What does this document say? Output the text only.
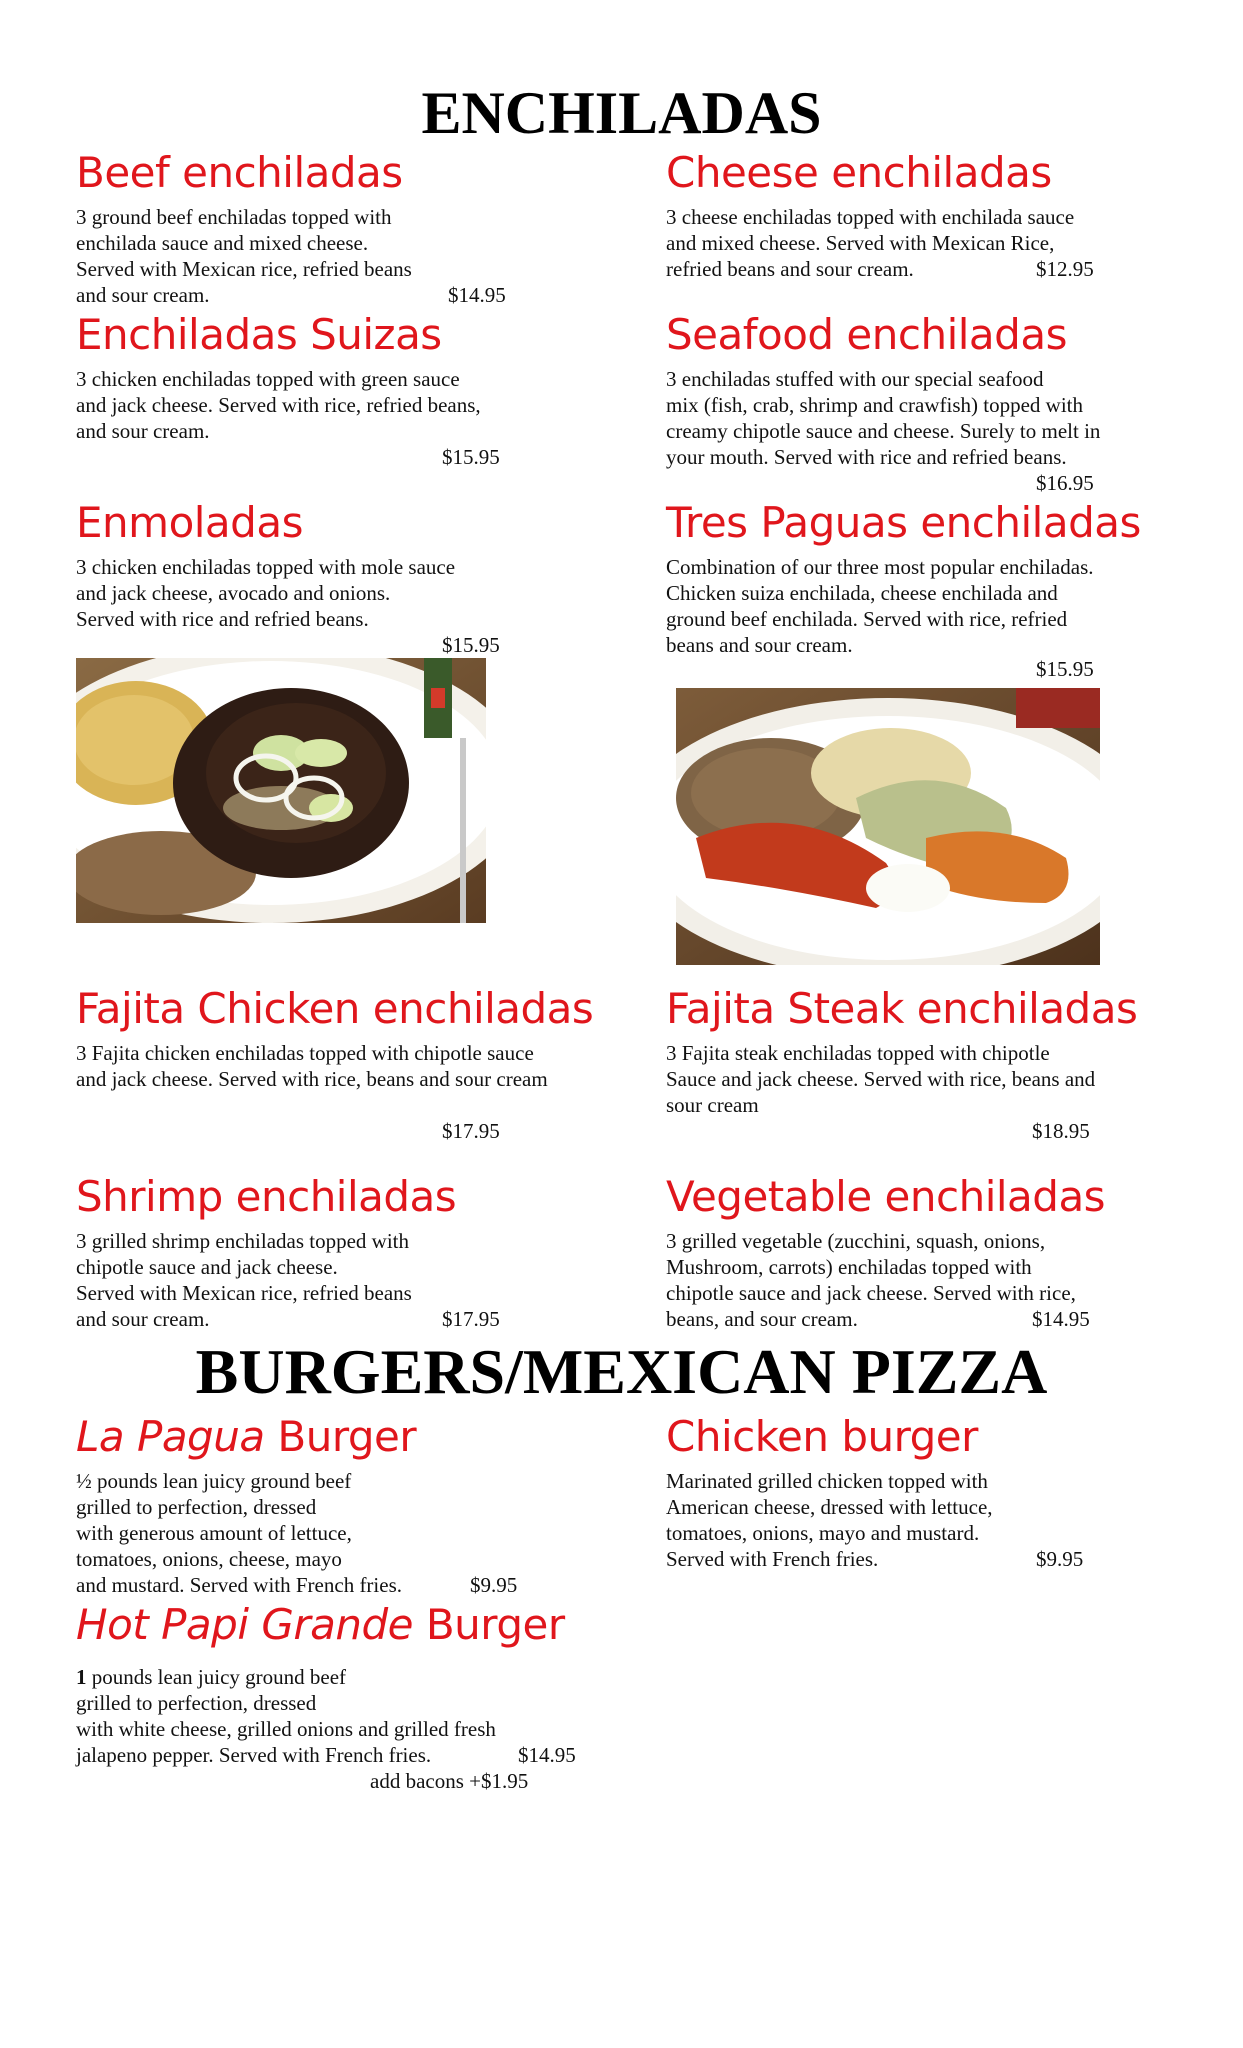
ENCHILADAS
Beef enchiladas
3 ground beef enchiladas topped with
enchilada sauce and mixed cheese.
Served with Mexican rice, refried beans
and sour cream.	$14.95
Cheese enchiladas
3 cheese enchiladas topped with enchilada sauce
and mixed cheese. Served with Mexican Rice,
refried beans and sour cream.	$12.95
Enchiladas Suizas
3 chicken enchiladas topped with green sauce
and jack cheese. Served with rice, refried beans,
and sour cream.
$15.95
Seafood enchiladas
3 enchiladas stuffed with our special seafood
mix (fish, crab, shrimp and crawfish) topped with
creamy chipotle sauce and cheese. Surely to melt in
your mouth. Served with rice and refried beans.
$16.95
Enmoladas
3 chicken enchiladas topped with mole sauce
and jack cheese, avocado and onions.
Served with rice and refried beans.
$15.95
Tres Paguas enchiladas
Combination of our three most popular enchiladas.
Chicken suiza enchilada, cheese enchilada and
ground beef enchilada. Served with rice, refried
beans and sour cream.
$15.95
Fajita Chicken enchiladas
3 Fajita chicken enchiladas topped with chipotle sauce
and jack cheese. Served with rice, beans and sour cream
$17.95
Fajita Steak enchiladas
3 Fajita steak enchiladas topped with chipotle
Sauce and jack cheese. Served with rice, beans and
sour cream
$18.95
Shrimp enchiladas
3 grilled shrimp enchiladas topped with
chipotle sauce and jack cheese.
Served with Mexican rice, refried beans
and sour cream.	$17.95
Vegetable enchiladas
3 grilled vegetable (zucchini, squash, onions,
Mushroom, carrots) enchiladas topped with
chipotle sauce and jack cheese. Served with rice,
beans, and sour cream.	$14.95
BURGERS/MEXICAN PIZZA
La Pagua Burger
½ pounds lean juicy ground beef
grilled to perfection, dressed
with generous amount of lettuce,
tomatoes, onions, cheese, mayo
and mustard. Served with French fries.	$9.95
Chicken burger
Marinated grilled chicken topped with
American cheese, dressed with lettuce,
tomatoes, onions, mayo and mustard.
Served with French fries.	$9.95
Hot Papi Grande Burger
1 pounds lean juicy ground beef
grilled to perfection, dressed
with white cheese, grilled onions and grilled fresh
jalapeno pepper. Served with French fries.	$14.95
add bacons +$1.95
